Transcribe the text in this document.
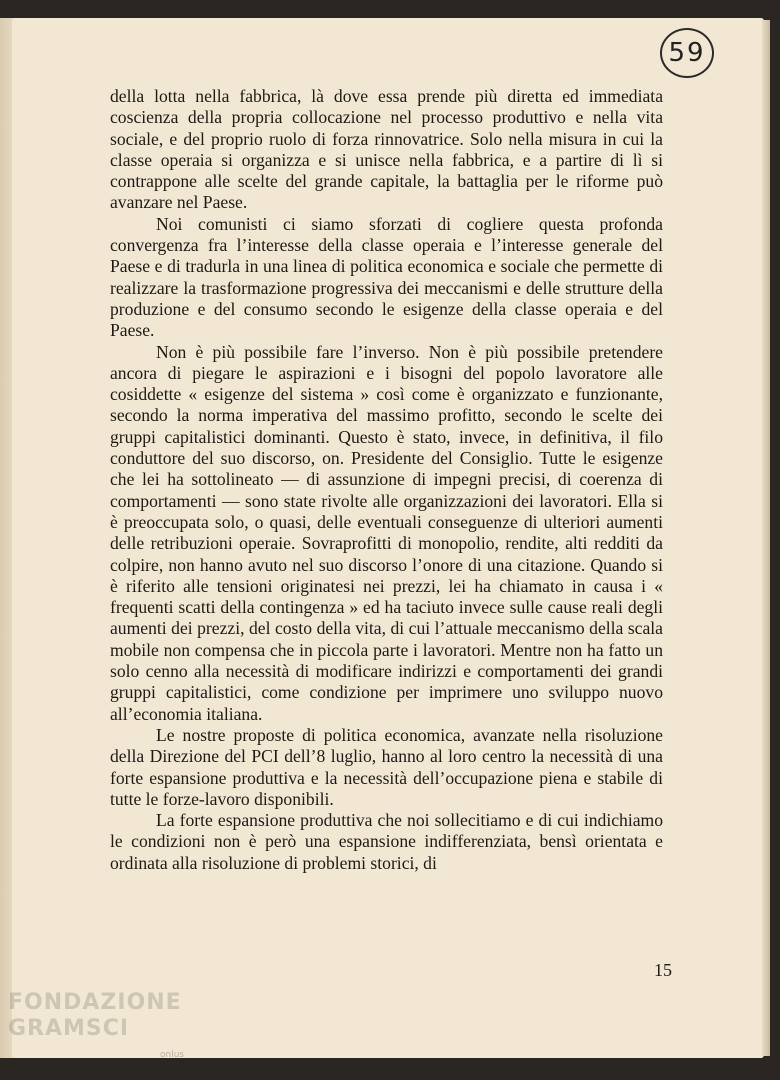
59

della lotta nella fabbrica, là dove essa prende più diretta ed immediata coscienza della propria collocazione nel processo produttivo e nella vita sociale, e del proprio ruolo di forza rinnovatrice. Solo nella misura in cui la classe operaia si organizza e si unisce nella fabbrica, e a partire di lì si contrappone alle scelte del grande capitale, la battaglia per le riforme può avanzare nel Paese.

Noi comunisti ci siamo sforzati di cogliere questa profonda convergenza fra l’interesse della classe operaia e l’interesse generale del Paese e di tradurla in una linea di politica economica e sociale che permette di realizzare la trasformazione progressiva dei meccanismi e delle strutture della produzione e del consumo secondo le esigenze della classe operaia e del Paese.

Non è più possibile fare l’inverso. Non è più possibile pretendere ancora di piegare le aspirazioni e i bisogni del popolo lavoratore alle cosiddette « esigenze del sistema » così come è organizzato e funzionante, secondo la norma imperativa del massimo profitto, secondo le scelte dei gruppi capitalistici dominanti. Questo è stato, invece, in definitiva, il filo conduttore del suo discorso, on. Presidente del Consiglio. Tutte le esigenze che lei ha sottolineato — di assunzione di impegni precisi, di coerenza di comportamenti — sono state rivolte alle organizzazioni dei lavoratori. Ella si è preoccupata solo, o quasi, delle eventuali conseguenze di ulteriori aumenti delle retribuzioni operaie. Sovraprofitti di monopolio, rendite, alti redditi da colpire, non hanno avuto nel suo discorso l’onore di una citazione. Quando si è riferito alle tensioni originatesi nei prezzi, lei ha chiamato in causa i « frequenti scatti della contingenza » ed ha taciuto invece sulle cause reali degli aumenti dei prezzi, del costo della vita, di cui l’attuale meccanismo della scala mobile non compensa che in piccola parte i lavoratori. Mentre non ha fatto un solo cenno alla necessità di modificare indirizzi e comportamenti dei grandi gruppi capitalistici, come condizione per imprimere uno sviluppo nuovo all’economia italiana.

Le nostre proposte di politica economica, avanzate nella risoluzione della Direzione del PCI dell’8 luglio, hanno al loro centro la necessità di una forte espansione produttiva e la necessità dell’occupazione piena e stabile di tutte le forze-lavoro disponibili.

La forte espansione produttiva che noi sollecitiamo e di cui indichiamo le condizioni non è però una espansione indifferenziata, bensì orientata e ordinata alla risoluzione di problemi storici, di

15
FONDAZIONE
GRAMSCI
onlus
